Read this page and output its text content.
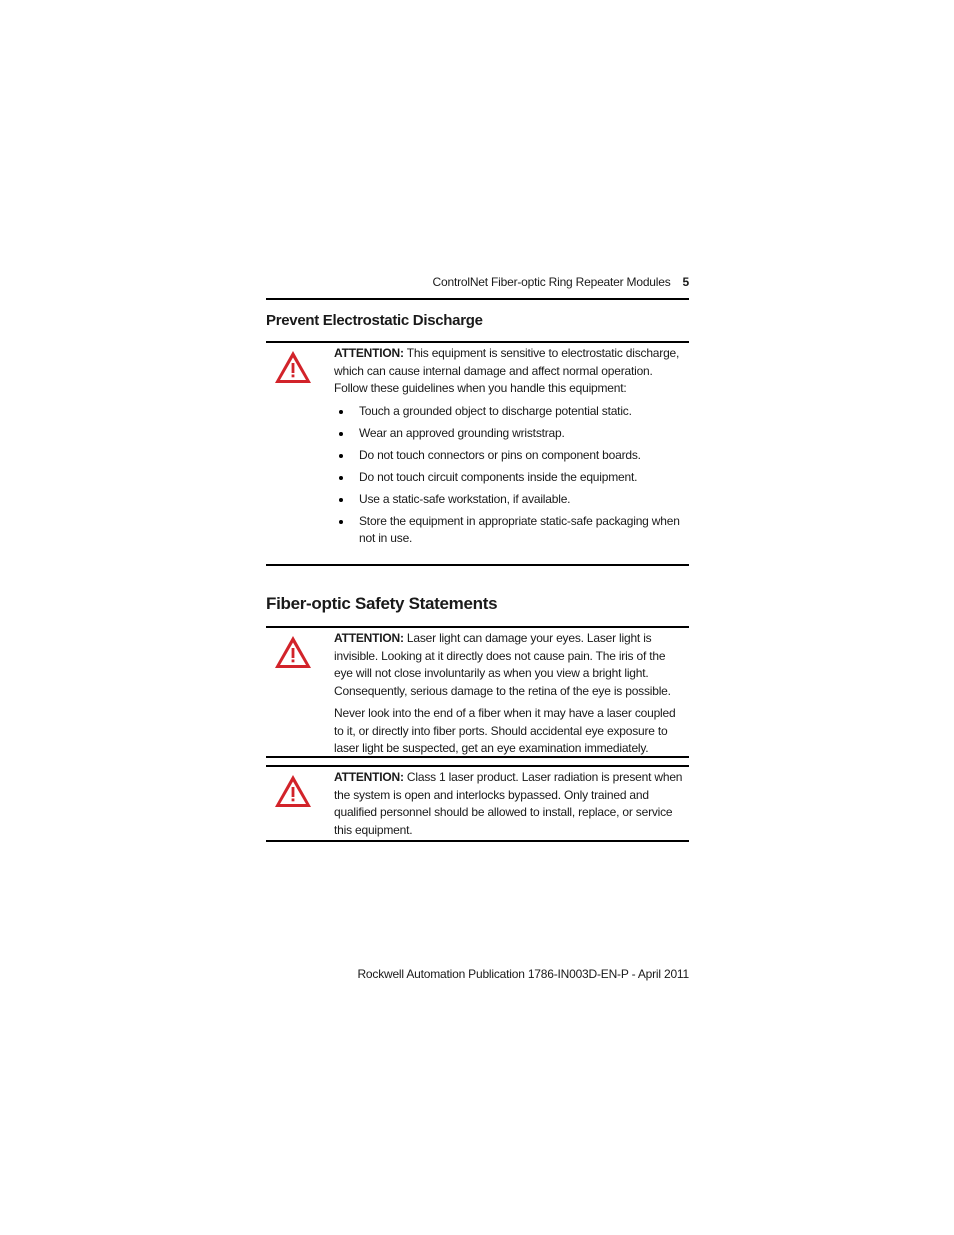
ControlNet Fiber-optic Ring Repeater Modules 5
Prevent Electrostatic Discharge

ATTENTION: This equipment is sensitive to electrostatic discharge, which can cause internal damage and affect normal operation. Follow these guidelines when you handle this equipment:

Touch a grounded object to discharge potential static.
Wear an approved grounding wriststrap.
Do not touch connectors or pins on component boards.
Do not touch circuit components inside the equipment.
Use a static-safe workstation, if available.
Store the equipment in appropriate static-safe packaging when not in use.
Fiber-optic Safety Statements

ATTENTION: Laser light can damage your eyes. Laser light is invisible. Looking at it directly does not cause pain. The iris of the eye will not close involuntarily as when you view a bright light. Consequently, serious damage to the retina of the eye is possible.

Never look into the end of a fiber when it may have a laser coupled to it, or directly into fiber ports. Should accidental eye exposure to laser light be suspected, get an eye examination immediately.

ATTENTION: Class 1 laser product. Laser radiation is present when the system is open and interlocks bypassed. Only trained and qualified personnel should be allowed to install, replace, or service this equipment.

Rockwell Automation Publication 1786-IN003D-EN-P - April 2011
